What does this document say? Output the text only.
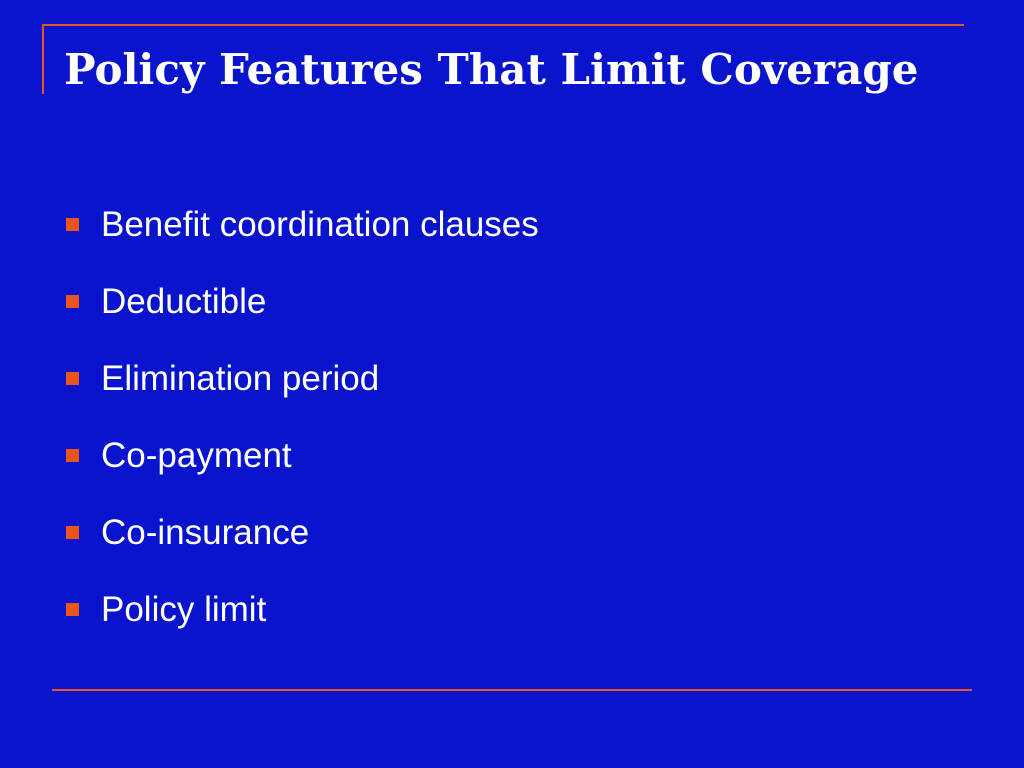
Policy Features That Limit Coverage
Benefit coordination clauses
Deductible
Elimination period
Co-payment
Co-insurance
Policy limit
